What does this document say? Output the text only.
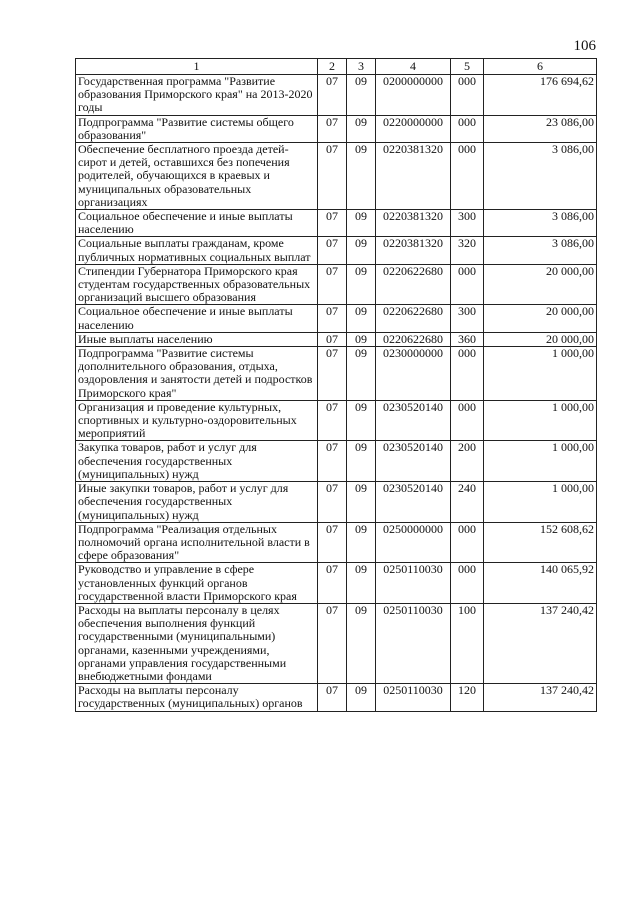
106
1	2	3	4	5	6
Государственная программа "Развитие образования Приморского края" на 2013-2020 годы	07	09	0200000000	000	176 694,62
Подпрограмма "Развитие системы общего образования"	07	09	0220000000	000	23 086,00
Обеспечение бесплатного проезда детей-сирот и детей, оставшихся без попечения родителей, обучающихся в краевых и муниципальных образовательных организациях	07	09	0220381320	000	3 086,00
Социальное обеспечение и иные выплаты населению	07	09	0220381320	300	3 086,00
Социальные выплаты гражданам, кроме публичных нормативных социальных выплат	07	09	0220381320	320	3 086,00
Стипендии Губернатора Приморского края студентам государственных образовательных организаций высшего образования	07	09	0220622680	000	20 000,00
Социальное обеспечение и иные выплаты населению	07	09	0220622680	300	20 000,00
Иные выплаты населению	07	09	0220622680	360	20 000,00
Подпрограмма "Развитие системы дополнительного образования, отдыха, оздоровления и занятости детей и подростков Приморского края"	07	09	0230000000	000	1 000,00
Организация и проведение культурных, спортивных и культурно-оздоровительных мероприятий	07	09	0230520140	000	1 000,00
Закупка товаров, работ и услуг для обеспечения государственных (муниципальных) нужд	07	09	0230520140	200	1 000,00
Иные закупки товаров, работ и услуг для обеспечения государственных (муниципальных) нужд	07	09	0230520140	240	1 000,00
Подпрограмма "Реализация отдельных полномочий органа исполнительной власти в сфере образования"	07	09	0250000000	000	152 608,62
Руководство и управление в сфере установленных функций органов государственной власти Приморского края	07	09	0250110030	000	140 065,92
Расходы на выплаты персоналу в целях обеспечения выполнения функций государственными (муниципальными) органами, казенными учреждениями, органами управления государственными внебюджетными фондами	07	09	0250110030	100	137 240,42
Расходы на выплаты персоналу государственных (муниципальных) органов	07	09	0250110030	120	137 240,42
